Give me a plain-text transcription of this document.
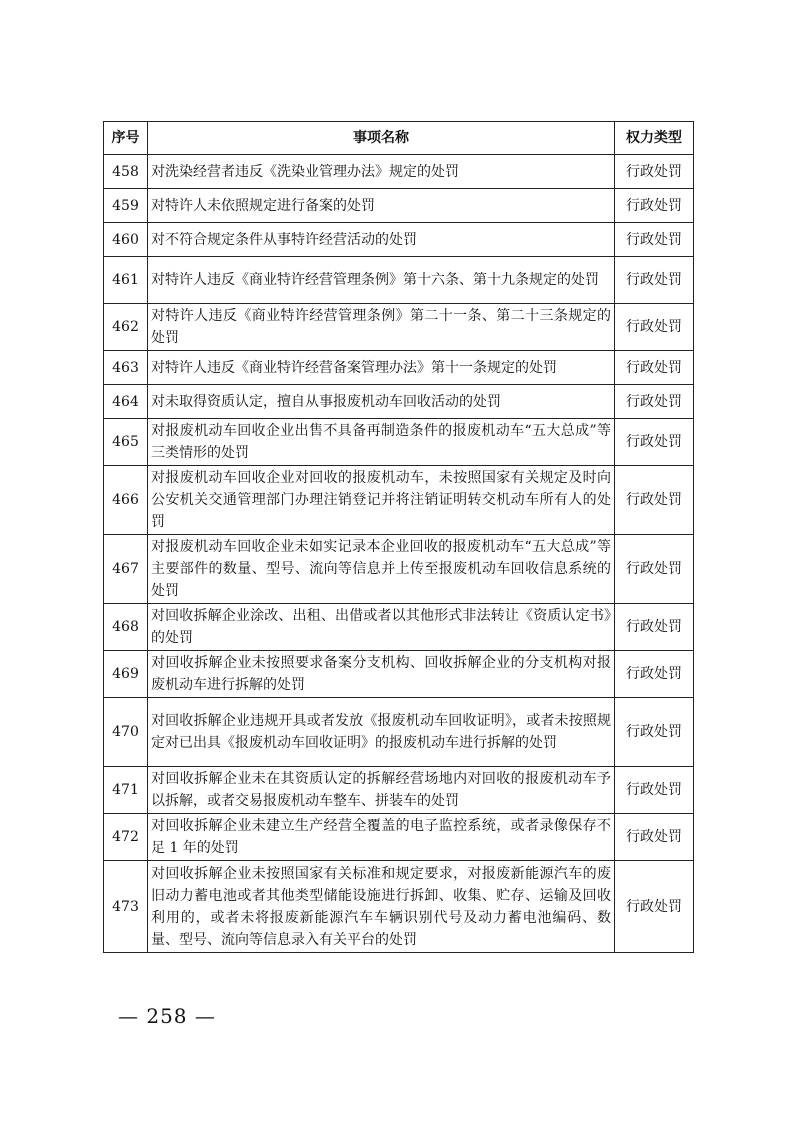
序号	事项名称	权力类型
458	对洗染经营者违反《洗染业管理办法》规定的处罚	行政处罚
459	对特许人未依照规定进行备案的处罚	行政处罚
460	对不符合规定条件从事特许经营活动的处罚	行政处罚
461	对特许人违反《商业特许经营管理条例》第十六条、第十九条规定的处罚	行政处罚
462	对特许人违反《商业特许经营管理条例》第二十一条、第二十三条规定的处罚	行政处罚
463	对特许人违反《商业特许经营备案管理办法》第十一条规定的处罚	行政处罚
464	对未取得资质认定，擅自从事报废机动车回收活动的处罚	行政处罚
465	对报废机动车回收企业出售不具备再制造条件的报废机动车“五大总成”等三类情形的处罚	行政处罚
466	对报废机动车回收企业对回收的报废机动车，未按照国家有关规定及时向公安机关交通管理部门办理注销登记并将注销证明转交机动车所有人的处罚	行政处罚
467	对报废机动车回收企业未如实记录本企业回收的报废机动车“五大总成”等主要部件的数量、型号、流向等信息并上传至报废机动车回收信息系统的处罚	行政处罚
468	对回收拆解企业涂改、出租、出借或者以其他形式非法转让《资质认定书》的处罚	行政处罚
469	对回收拆解企业未按照要求备案分支机构、回收拆解企业的分支机构对报废机动车进行拆解的处罚	行政处罚
470	对回收拆解企业违规开具或者发放《报废机动车回收证明》，或者未按照规定对已出具《报废机动车回收证明》的报废机动车进行拆解的处罚	行政处罚
471	对回收拆解企业未在其资质认定的拆解经营场地内对回收的报废机动车予以拆解，或者交易报废机动车整车、拼装车的处罚	行政处罚
472	对回收拆解企业未建立生产经营全覆盖的电子监控系统，或者录像保存不足 1 年的处罚	行政处罚
473	对回收拆解企业未按照国家有关标准和规定要求，对报废新能源汽车的废旧动力蓄电池或者其他类型储能设施进行拆卸、收集、贮存、运输及回收利用的，或者未将报废新能源汽车车辆识别代号及动力蓄电池编码、数量、型号、流向等信息录入有关平台的处罚	行政处罚
— 258 —
